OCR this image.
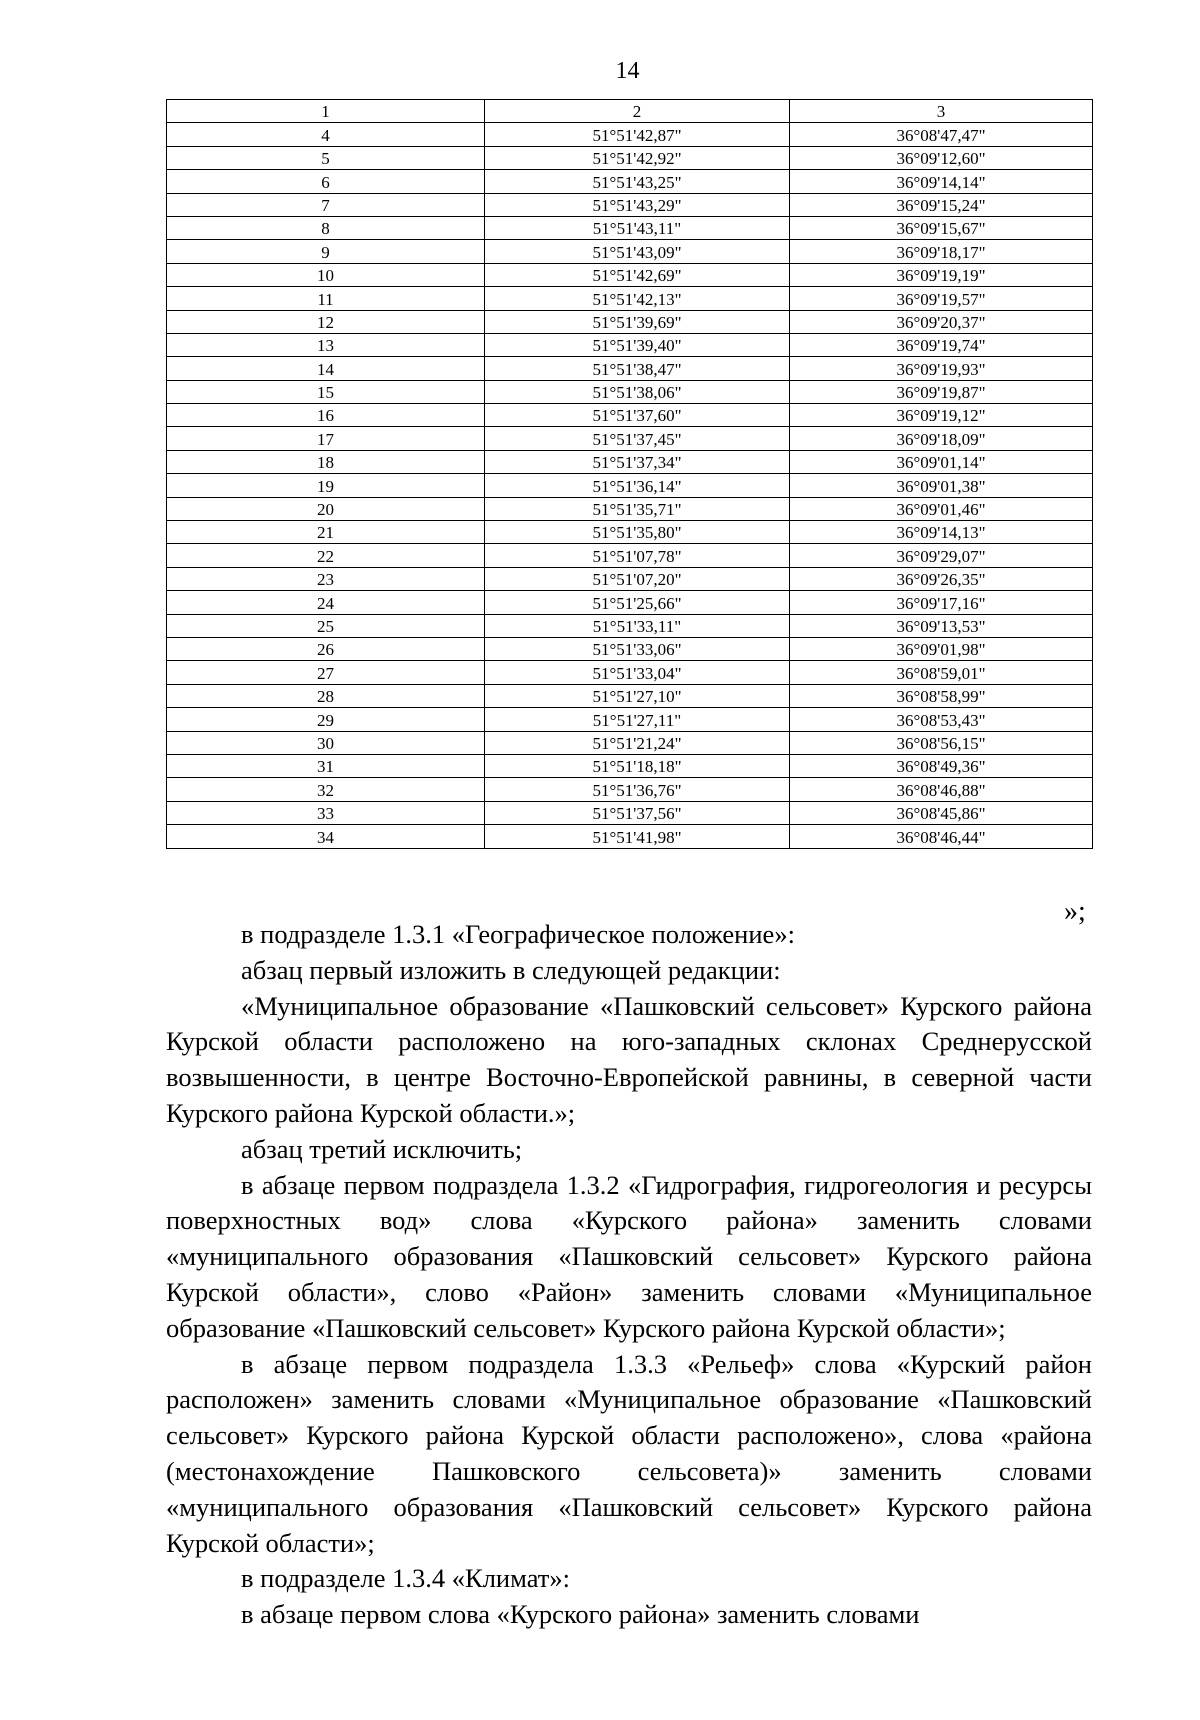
14
1	2	3
4	51°51'42,87"	36°08'47,47"
5	51°51'42,92"	36°09'12,60"
6	51°51'43,25"	36°09'14,14"
7	51°51'43,29"	36°09'15,24"
8	51°51'43,11"	36°09'15,67"
9	51°51'43,09"	36°09'18,17"
10	51°51'42,69"	36°09'19,19"
11	51°51'42,13"	36°09'19,57"
12	51°51'39,69"	36°09'20,37"
13	51°51'39,40"	36°09'19,74"
14	51°51'38,47"	36°09'19,93"
15	51°51'38,06"	36°09'19,87"
16	51°51'37,60"	36°09'19,12"
17	51°51'37,45"	36°09'18,09"
18	51°51'37,34"	36°09'01,14"
19	51°51'36,14"	36°09'01,38"
20	51°51'35,71"	36°09'01,46"
21	51°51'35,80"	36°09'14,13"
22	51°51'07,78"	36°09'29,07"
23	51°51'07,20"	36°09'26,35"
24	51°51'25,66"	36°09'17,16"
25	51°51'33,11"	36°09'13,53"
26	51°51'33,06"	36°09'01,98"
27	51°51'33,04"	36°08'59,01"
28	51°51'27,10"	36°08'58,99"
29	51°51'27,11"	36°08'53,43"
30	51°51'21,24"	36°08'56,15"
31	51°51'18,18"	36°08'49,36"
32	51°51'36,76"	36°08'46,88"
33	51°51'37,56"	36°08'45,86"
34	51°51'41,98"	36°08'46,44"
»;

в подразделе 1.3.1 «Географическое положение»:

абзац первый изложить в следующей редакции:

«Муниципальное образование «Пашковский сельсовет» Курского района Курской области расположено на юго-западных склонах Среднерусской возвышенности, в центре Восточно-Европейской равнины, в северной части Курского района Курской области.»;

абзац третий исключить;

в абзаце первом подраздела 1.3.2 «Гидрография, гидрогеология и ресурсы поверхностных вод» слова «Курского района» заменить словами «муниципального образования «Пашковский сельсовет» Курского района Курской области», слово «Район» заменить словами «Муниципальное образование «Пашковский сельсовет» Курского района Курской области»;

в абзаце первом подраздела 1.3.3 «Рельеф» слова «Курский район расположен» заменить словами «Муниципальное образование «Пашковский сельсовет» Курского района Курской области расположено», слова «района (местонахождение Пашковского сельсовета)» заменить словами «муниципального образования «Пашковский сельсовет» Курского района Курской области»;

в подразделе 1.3.4 «Климат»:

в абзаце первом слова «Курского района» заменить словами
